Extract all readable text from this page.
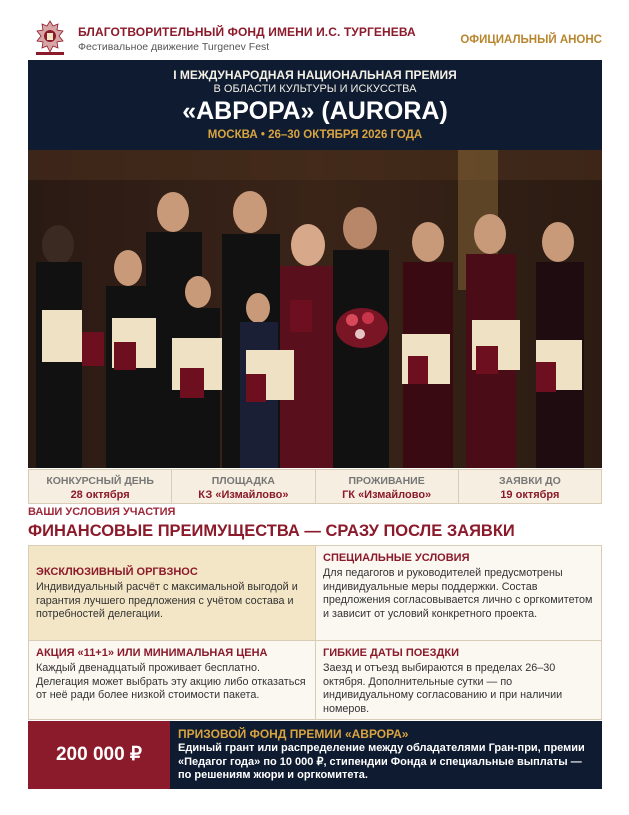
БЛАГОТВОРИТЕЛЬНЫЙ ФОНД ИМЕНИ И.С. ТУРГЕНЕВА
Фестивальное движение Turgenev Fest
ОФИЦИАЛЬНЫЙ АНОНС
I МЕЖДУНАРОДНАЯ НАЦИОНАЛЬНАЯ ПРЕМИЯ
В ОБЛАСТИ КУЛЬТУРЫ И ИСКУССТВА
«АВРОРА» (AURORA)
МОСКВА • 26–30 ОКТЯБРЯ 2026 ГОДА
КОНКУРСНЫЙ ДЕНЬ
28 октября
ПЛОЩАДКА
КЗ «Измайлово»
ПРОЖИВАНИЕ
ГК «Измайлово»
ЗАЯВКИ ДО
19 октября
ВАШИ УСЛОВИЯ УЧАСТИЯ
ФИНАНСОВЫЕ ПРЕИМУЩЕСТВА — СРАЗУ ПОСЛЕ ЗАЯВКИ
ЭКСКЛЮЗИВНЫЙ ОРГВЗНОС
Индивидуальный расчёт с максимальной выгодой и гарантия лучшего предложения с учётом состава и потребностей делегации.
СПЕЦИАЛЬНЫЕ УСЛОВИЯ
Для педагогов и руководителей предусмотрены индивидуальные меры поддержки. Состав предложения согласовывается лично с оргкомитетом и зависит от условий конкретного проекта.
АКЦИЯ «11+1» ИЛИ МИНИМАЛЬНАЯ ЦЕНА
Каждый двенадцатый проживает бесплатно. Делегация может выбрать эту акцию либо отказаться от неё ради более низкой стоимости пакета.
ГИБКИЕ ДАТЫ ПОЕЗДКИ
Заезд и отъезд выбираются в пределах 26–30 октября. Дополнительные сутки — по индивидуальному согласованию и при наличии номеров.
200 000 ₽
ПРИЗОВОЙ ФОНД ПРЕМИИ «АВРОРА»
Единый грант или распределение между обладателями Гран-при, премии «Педагог года» по 10 000 ₽, стипендии Фонда и специальные выплаты — по решениям жюри и оргкомитета.
